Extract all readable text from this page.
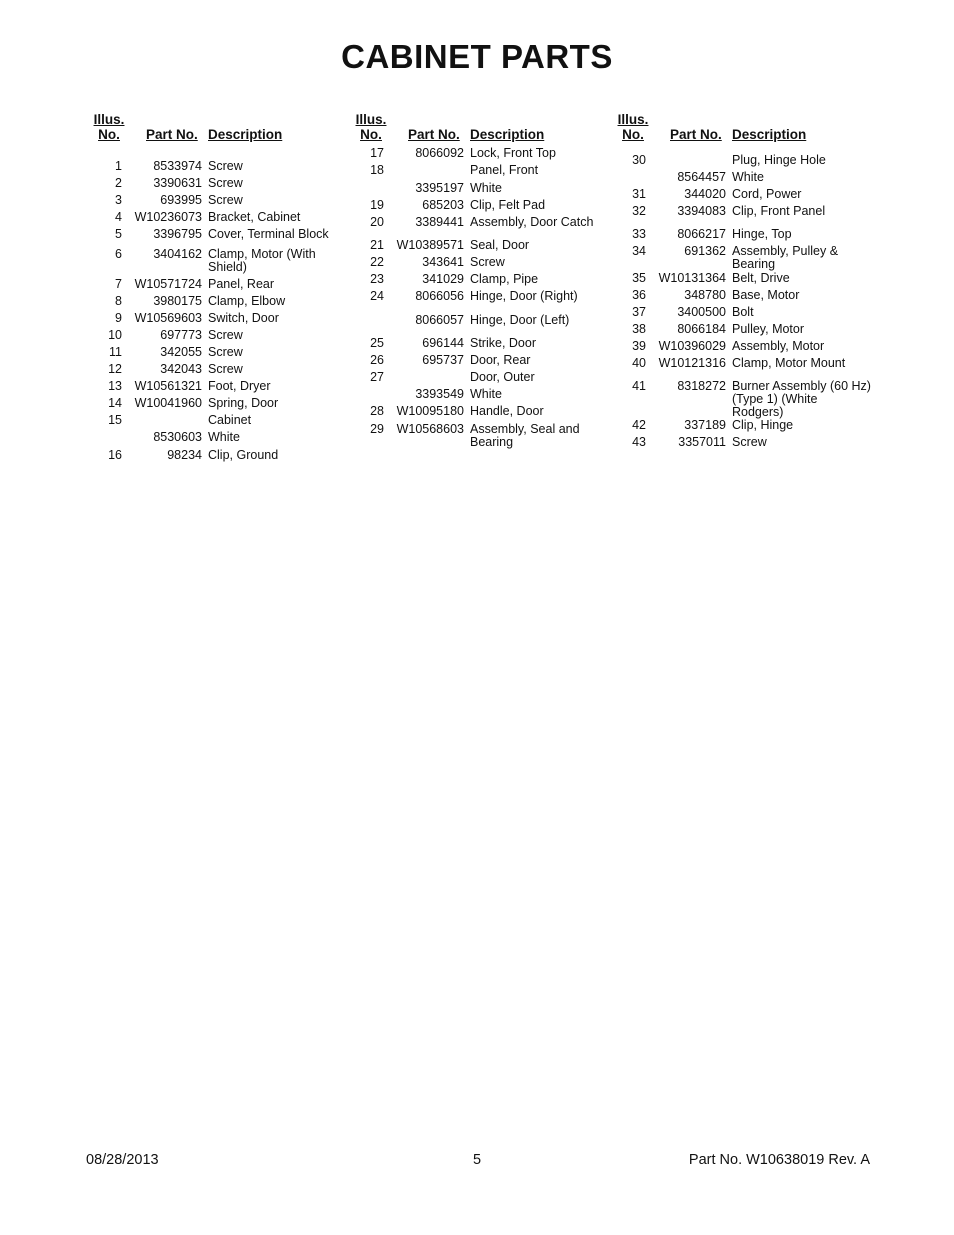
CABINET PARTS
Illus.
No.	Part No. Description
1	8533974 Screw
2	3390631 Screw
3	693995 Screw
4	W10236073 Bracket, Cabinet
5	3396795 Cover, Terminal Block
6	3404162 Clamp, Motor (With Shield)
7	W10571724 Panel, Rear
8	3980175 Clamp, Elbow
9	W10569603 Switch, Door
10	697773 Screw
11	342055 Screw
12	342043 Screw
13	W10561321 Foot, Dryer
14	W10041960 Spring, Door
15	Cabinet
8530603 White
16	98234 Clip, Ground
Illus.
No.	Part No. Description
17	8066092 Lock, Front Top
18	Panel, Front
3395197 White
19	685203 Clip, Felt Pad
20	3389441 Assembly, Door Catch
21	W10389571 Seal, Door
22	343641 Screw
23	341029 Clamp, Pipe
24	8066056 Hinge, Door (Right)
8066057 Hinge, Door (Left)
25	696144 Strike, Door
26	695737 Door, Rear
27	Door, Outer
3393549 White
28	W10095180 Handle, Door
29	W10568603 Assembly, Seal and Bearing
Illus.
No.	Part No. Description
30	Plug, Hinge Hole
8564457 White
31	344020 Cord, Power
32	3394083 Clip, Front Panel
33	8066217 Hinge, Top
34	691362 Assembly, Pulley & Bearing
35	W10131364 Belt, Drive
36	348780 Base, Motor
37	3400500 Bolt
38	8066184 Pulley, Motor
39	W10396029 Assembly, Motor
40	W10121316 Clamp, Motor Mount
41	8318272 Burner Assembly (60 Hz) (Type 1) (White Rodgers)
42	337189 Clip, Hinge
43	3357011 Screw
08/28/2013	5	Part No. W10638019 Rev. A
